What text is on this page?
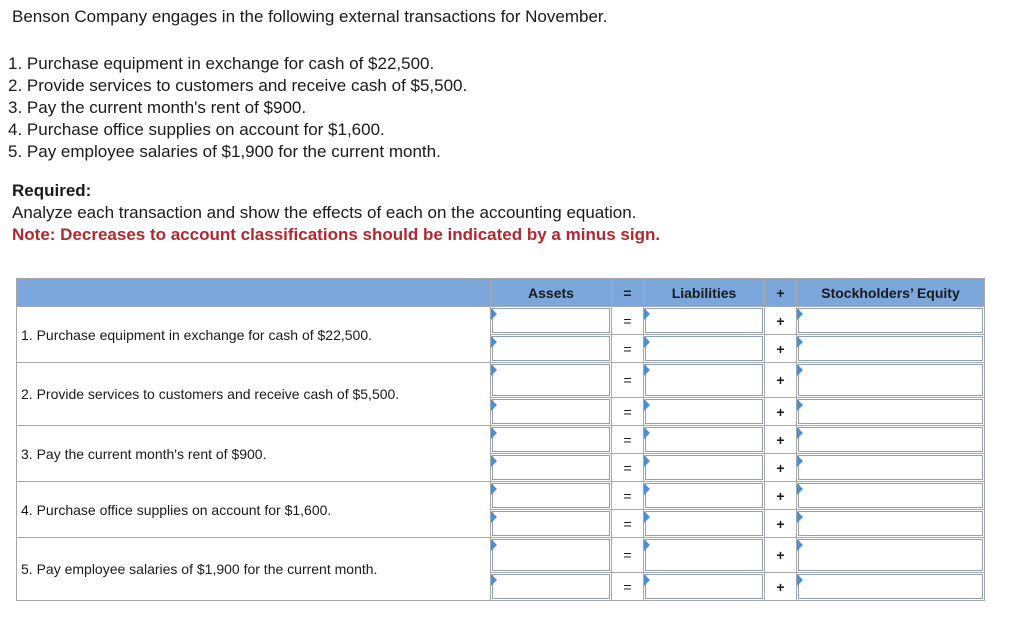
Benson Company engages in the following external transactions for November.
1. Purchase equipment in exchange for cash of $22,500.
2. Provide services to customers and receive cash of $5,500.
3. Pay the current month's rent of $900.
4. Purchase office supplies on account for $1,600.
5. Pay employee salaries of $1,900 for the current month.
Required:
Analyze each transaction and show the effects of each on the accounting equation.
Note: Decreases to account classifications should be indicated by a minus sign.
	Assets	=	Liabilities	+	Stockholders’ Equity
1. Purchase equipment in exchange for cash of $22,500.		=		+	

		=		+	

2. Provide services to customers and receive cash of $5,500.		=		+	

		=		+	

3. Pay the current month's rent of $900.		=		+	

		=		+	

4. Purchase office supplies on account for $1,600.		=		+	

		=		+	

5. Pay employee salaries of $1,900 for the current month.		=		+	

		=		+	
